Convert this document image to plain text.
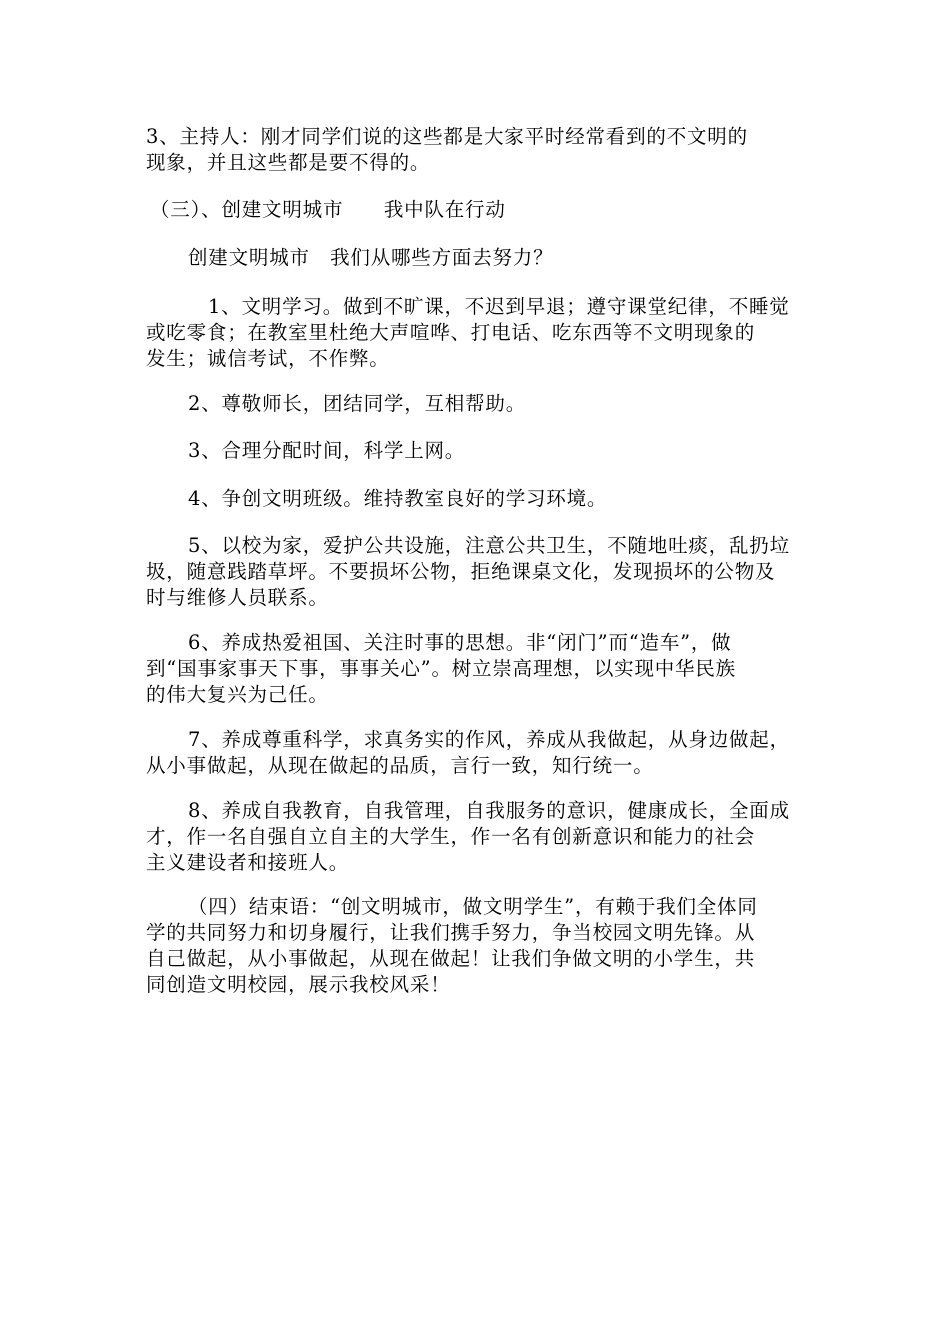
3、主持人：刚才同学们说的这些都是大家平时经常看到的不文明的
现象，并且这些都是要不得的。
（三）、创建文明城市　　我中队在行动
创建文明城市　我们从哪些方面去努力？
1、文明学习。做到不旷课，不迟到早退；遵守课堂纪律，不睡觉
或吃零食；在教室里杜绝大声喧哗、打电话、吃东西等不文明现象的
发生；诚信考试，不作弊。
2、尊敬师长，团结同学，互相帮助。
3、合理分配时间，科学上网。
4、争创文明班级。维持教室良好的学习环境。
5、以校为家，爱护公共设施，注意公共卫生，不随地吐痰，乱扔垃
圾，随意践踏草坪。不要损坏公物，拒绝课桌文化，发现损坏的公物及
时与维修人员联系。
6、养成热爱祖国、关注时事的思想。非“闭门”而“造车”，做
到“国事家事天下事，事事关心”。树立崇高理想，以实现中华民族
的伟大复兴为己任。
7、养成尊重科学，求真务实的作风，养成从我做起，从身边做起，
从小事做起，从现在做起的品质，言行一致，知行统一。
8、养成自我教育，自我管理，自我服务的意识，健康成长，全面成
才，作一名自强自立自主的大学生，作一名有创新意识和能力的社会
主义建设者和接班人。
（四）结束语：“创文明城市，做文明学生”，有赖于我们全体同
学的共同努力和切身履行，让我们携手努力，争当校园文明先锋。从
自己做起，从小事做起，从现在做起！让我们争做文明的小学生，共
同创造文明校园，展示我校风采！
